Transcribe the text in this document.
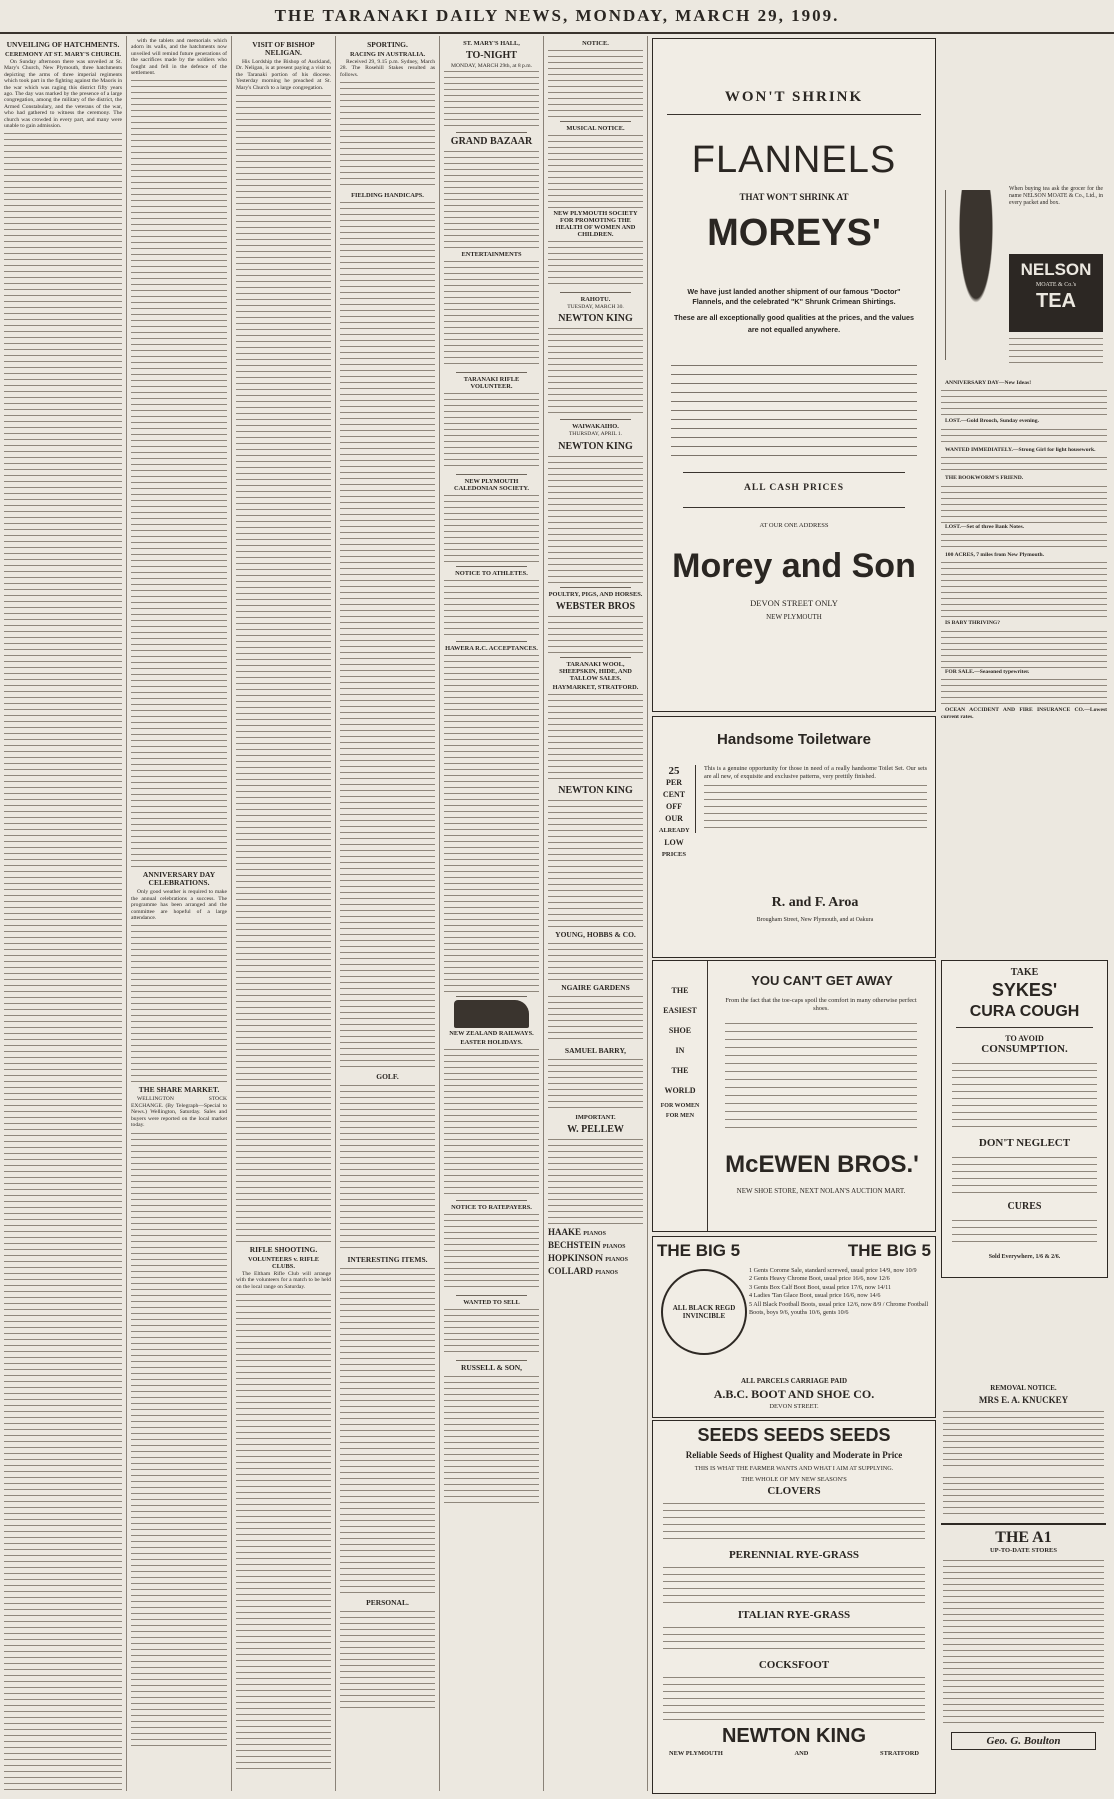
THE TARANAKI DAILY NEWS, MONDAY, MARCH 29, 1909.
UNVEILING OF HATCHMENTS.
CEREMONY AT ST. MARY'S CHURCH.

On Sunday afternoon there was unveiled at St. Mary's Church, New Plymouth, three hatchments depicting the arms of three imperial regiments which took part in the fighting against the Maoris in the war which was raging this district fifty years ago. The day was marked by the presence of a large congregation, among the military of the district, the Armed Constabulary, and the veterans of the war, who had gathered to witness the ceremony. The church was crowded in every part, and many were unable to gain admission.

with the tablets and memorials which adorn its walls, and the hatchments now unveiled will remind future generations of the sacrifices made by the soldiers who fought and fell in the defence of the settlement.

ANNIVERSARY DAY CELEBRATIONS.

Only good weather is required to make the annual celebrations a success. The programme has been arranged and the committee are hopeful of a large attendance.

THE SHARE MARKET.

WELLINGTON STOCK EXCHANGE. (By Telegraph—Special to News.) Wellington, Saturday. Sales and buyers were reported on the local market today.

VISIT OF BISHOP NELIGAN.

His Lordship the Bishop of Auckland, Dr. Neligan, is at present paying a visit to the Taranaki portion of his diocese. Yesterday morning he preached at St. Mary's Church to a large congregation.

RIFLE SHOOTING.
VOLUNTEERS v. RIFLE CLUBS.

The Eltham Rifle Club will arrange with the volunteers for a match to be held on the local range on Saturday.

SPORTING.
RACING IN AUSTRALIA.

Received 29, 9.15 p.m. Sydney, March 28. The Rosehill Stakes resulted as follows.

FIELDING HANDICAPS.
GOLF.
INTERESTING ITEMS.
PERSONAL.
ST. MARY'S HALL,
TO-NIGHT
MONDAY, MARCH 29th, at 8 p.m.
GRAND BAZAAR
ENTERTAINMENTS
TARANAKI RIFLE VOLUNTEER.
NEW PLYMOUTH CALEDONIAN SOCIETY.
NOTICE TO ATHLETES.
HAWERA R.C. ACCEPTANCES.
NEW ZEALAND RAILWAYS.
EASTER HOLIDAYS.
NOTICE TO RATEPAYERS.
WANTED TO SELL
RUSSELL & SON,
NOTICE.
MUSICAL NOTICE.
NEW PLYMOUTH SOCIETY FOR PROMOTING THE HEALTH OF WOMEN AND CHILDREN.
RAHOTU.
TUESDAY, MARCH 30.
NEWTON KING
WAIWAKAIHO.
THURSDAY, APRIL 1.
NEWTON KING
POULTRY, PIGS, AND HORSES.
WEBSTER BROS
TARANAKI WOOL, SHEEPSKIN, HIDE, AND TALLOW SALES.
HAYMARKET, STRATFORD.
NEWTON KING
YOUNG, HOBBS & CO.
NGAIRE GARDENS
SAMUEL BARRY,
IMPORTANT.
W. PELLEW
HAAKE PIANOS
BECHSTEIN PIANOS
HOPKINSON PIANOS
COLLARD PIANOS
WON'T SHRINK
FLANNELS
THAT WON'T SHRINK AT
MOREYS'
We have just landed another shipment of our famous "Doctor" Flannels, and the celebrated "K" Shrunk Crimean Shirtings.
These are all exceptionally good qualities at the prices, and the values are not equalled anywhere.
ALL CASH PRICES
AT OUR ONE ADDRESS
Morey and Son
DEVON STREET ONLY
NEW PLYMOUTH
When buying tea ask the grocer for the name NELSON MOATE & Co., Ltd., in every packet and box.
NELSON
MOATE & Co.'s
TEA

ANNIVERSARY DAY—New Ideas!

LOST.—Gold Brooch, Sunday evening.

WANTED IMMEDIATELY.—Strong Girl for light housework.

THE BOOKWORM'S FRIEND.

LOST.—Set of three Bank Notes.

100 ACRES, 7 miles from New Plymouth.

IS BABY THRIVING?

FOR SALE.—Seasoned typewriter.

OCEAN ACCIDENT AND FIRE INSURANCE CO.—Lowest current rates.

Handsome Toiletware
25
PER
CENT
OFF
OUR
ALREADY
LOW
PRICES
This is a genuine opportunity for those in need of a really handsome Toilet Set. Our sets are all new, of exquisite and exclusive patterns, very prettily finished.
R. and F. Aroa
Brougham Street, New Plymouth, and at Oakura
TAKE
SYKES'
CURA COUGH
TO AVOID
CONSUMPTION.
DON'T NEGLECT
CURES
Sold Everywhere, 1/6 & 2/6.
THE
EASIEST
SHOE
IN
THE
WORLD
FOR WOMEN FOR MEN
YOU CAN'T GET AWAY
From the fact that the toe-caps spoil the comfort in many otherwise perfect shoes.
McEWEN BROS.'
NEW SHOE STORE, NEXT NOLAN'S AUCTION MART.
THE BIG 5	THE BIG 5
ALL BLACK REGD INVINCIBLE
1 Gents Corome Sale, standard screwed, usual price 14/9, now 10/9
2 Gents Heavy Chrome Boot, usual price 16/6, now 12/6
3 Gents Box Calf Boot Boot, usual price 17/6, now 14/11
4 Ladies 'Tan Glace Boot, usual price 16/6, now 14/6
5 All Black Football Boots, usual price 12/6, now 8/9 / Chrome Football Boots, boys 9/6, youths 10/6, gents 10/6
ALL PARCELS CARRIAGE PAID
A.B.C. BOOT AND SHOE CO.
DEVON STREET.
SEEDS SEEDS SEEDS
Reliable Seeds of Highest Quality and Moderate in Price
THIS IS WHAT THE FARMER WANTS AND WHAT I AIM AT SUPPLYING.
THE WHOLE OF MY NEW SEASON'S
CLOVERS
PERENNIAL RYE-GRASS
ITALIAN RYE-GRASS
COCKSFOOT
NEWTON KING
NEW PLYMOUTH	AND	STRATFORD
REMOVAL NOTICE.
MRS E. A. KNUCKEY
THE A1
UP-TO-DATE STORES
Geo. G. Boulton
